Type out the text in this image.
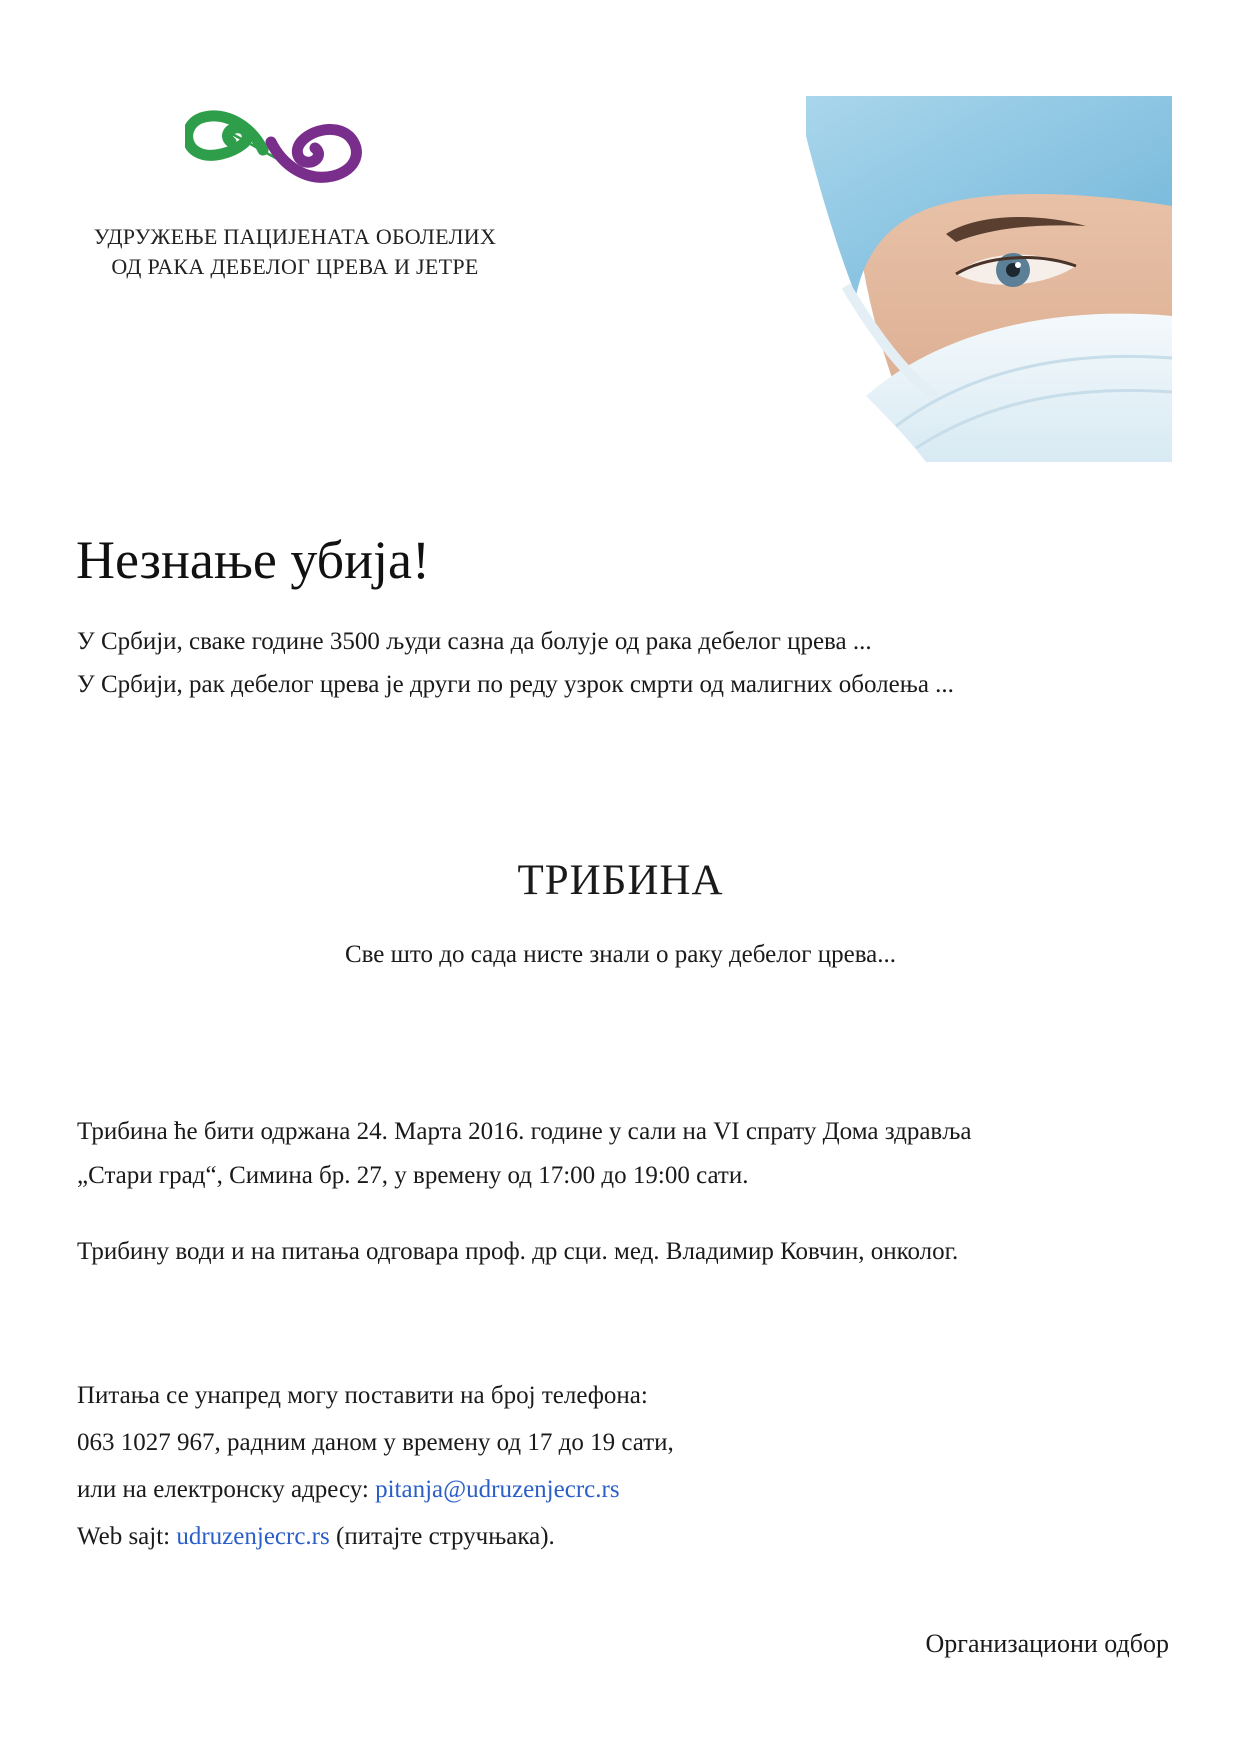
УДРУЖЕЊЕ ПАЦИЈЕНАТА ОБОЛЕЛИХ
ОД РАКА ДЕБЕЛОГ ЦРЕВА И ЈЕТРЕ
Незнање убија!
У Србији, сваке године 3500 људи сазна да болује од рака дебелог црева ...
У Србији, рак дебелог црева је други по реду узрок смрти од малигних оболења ...
ТРИБИНА
Све што до сада нисте знали о раку дебелог црева...
Трибина ће бити одржана 24. Марта 2016. године у сали на VI спрату Дома здравља
„Стари град“, Симина бр. 27, у времену од 17:00 до 19:00 сати.
Трибину води и на питања одговара проф. др сци. мед. Владимир Ковчин, онколог.
Питања се унапред могу поставити на број телефона:
063 1027 967, радним даном у времену од 17 до 19 сати,
или на електронску адресу: pitanja@udruzenjecrc.rs
Web sajt: udruzenjecrc.rs (питајте стручњака).
Организациони одбор
